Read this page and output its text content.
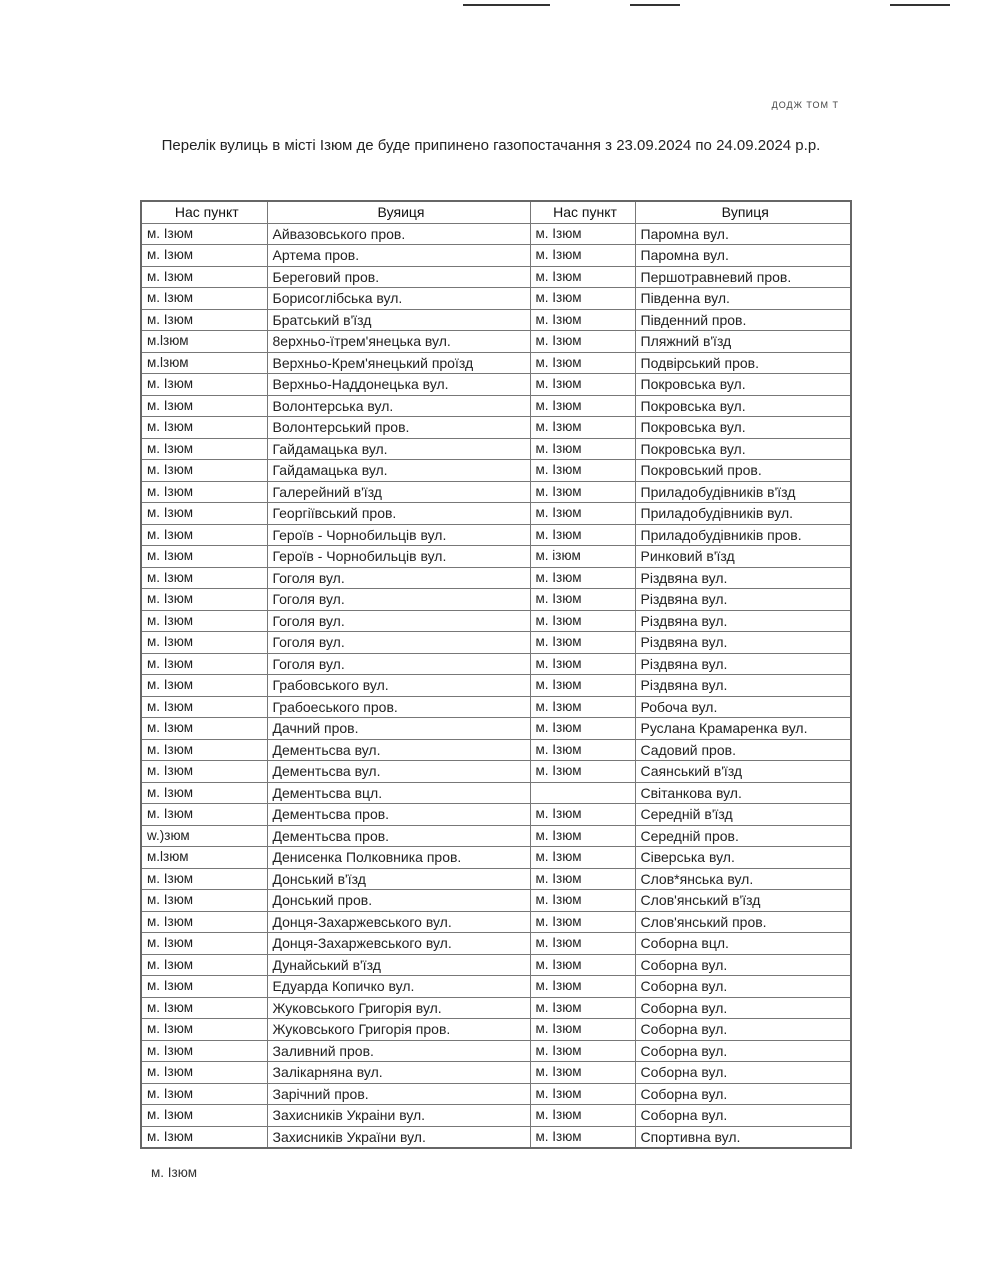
ДОДЖ ТОМ Т
Перелік вулиць в місті Ізюм де буде припинено газопостачання з 23.09.2024 по 24.09.2024 р.р.
Нас пункт	Вуяиця	Нас пункт	Вупиця
м. Ізюм	Айвазовського пров.	м. Ізюм	Паромна вул.
м. Ізюм	Артема пров.	м. Ізюм	Паромна вул.
м. Ізюм	Береговий пров.	м. Ізюм	Першотравневий пров.
м. Ізюм	Борисоглібська вул.	м. Ізюм	Південна вул.
м. Ізюм	Братський в'їзд	м. Ізюм	Південний пров.
м.lзюм	8ерхньо-їтрем'янецька вул.	м. Ізюм	Пляжний в'їзд
м.lзюм	Верхньо-Крем'янецький проїзд	м. Ізюм	Подвірський пров.
м. Ізюм	Верхньо-Наддонецька вул.	м. Ізюм	Покровська вул.
м. Ізюм	Волонтерська вул.	м. Ізюм	Покровська вул.
м. Ізюм	Волонтерський пров.	м. Ізюм	Покровська вул.
м. Ізюм	Гайдамацька вул.	м. Ізюм	Покровська вул.
м. Ізюм	Гайдамацька вул.	м. Ізюм	Покровський пров.
м. Ізюм	Галерейний в'їзд	м. Ізюм	Приладобудівників в'їзд
м. Ізюм	Георгіївський пров.	м. Ізюм	Приладобудівників вул.
м. Ізюм	Героїв - Чорнобильців вул.	м. Ізюм	Приладобудівників пров.
м. Ізюм	Героїв - Чорнобильців вул.	м. ізюм	Ринковий в'їзд
м. Ізюм	Гоголя вул.	м. Ізюм	Різдвяна вул.
м. Ізюм	Гоголя вул.	м. Ізюм	Різдвяна вул.
м. Ізюм	Гоголя вул.	м. Ізюм	Різдвяна вул.
м. Ізюм	Гоголя вул.	м. Ізюм	Різдвяна вул.
м. Ізюм	Гоголя вул.	м. Ізюм	Різдвяна вул.
м. Ізюм	Грабовського вул.	м. Ізюм	Різдвяна вул.
м. Ізюм	Грабоеського пров.	м. Ізюм	Робоча вул.
м. Ізюм	Дачний пров.	м. Ізюм	Руслана Крамаренка вул.
м. Ізюм	Дементьсва вул.	м. Ізюм	Садовий пров.
м. Ізюм	Дементьсва вул.	м. Ізюм	Саянський в'їзд
м. Ізюм	Дементьсва вцл.		Світанкова вул.
м. Ізюм	Дементьсва пров.	м. Ізюм	Середній в'їзд
w.)зюм	Дементьсва пров.	м. Ізюм	Середній пров.
м.lзюм	Денисенка Полковника пров.	м. Ізюм	Сіверська вул.
м. Ізюм	Донський в'їзд	м. Ізюм	Слов*янська вул.
м. Ізюм	Донський пров.	м. Ізюм	Слов'янський в'їзд
м. Ізюм	Донця-Захаржевського вул.	м. Ізюм	Слов'янський пров.
м. Ізюм	Донця-Захаржевського вул.	м. Ізюм	Соборна вцл.
м. Ізюм	Дунайський в'їзд	м. Ізюм	Соборна вул.
м. Ізюм	Едуарда Копичко вул.	м. Ізюм	Соборна вул.
м. Ізюм	Жуковського Григорія вул.	м. Ізюм	Соборна вул.
м. Ізюм	Жуковського Григорія пров.	м. Ізюм	Соборна вул.
м. Ізюм	Заливний пров.	м. Ізюм	Соборна вул.
м. Ізюм	Залікарняна вул.	м. Ізюм	Соборна вул.
м. Ізюм	Зарічний пров.	м. Ізюм	Соборна вул.
м. Ізюм	Захисників Украіни вул.	м. Ізюм	Соборна вул.
м. Ізюм	Захисників України вул.	м. Ізюм	Спортивна вул.
м. Ізюм
